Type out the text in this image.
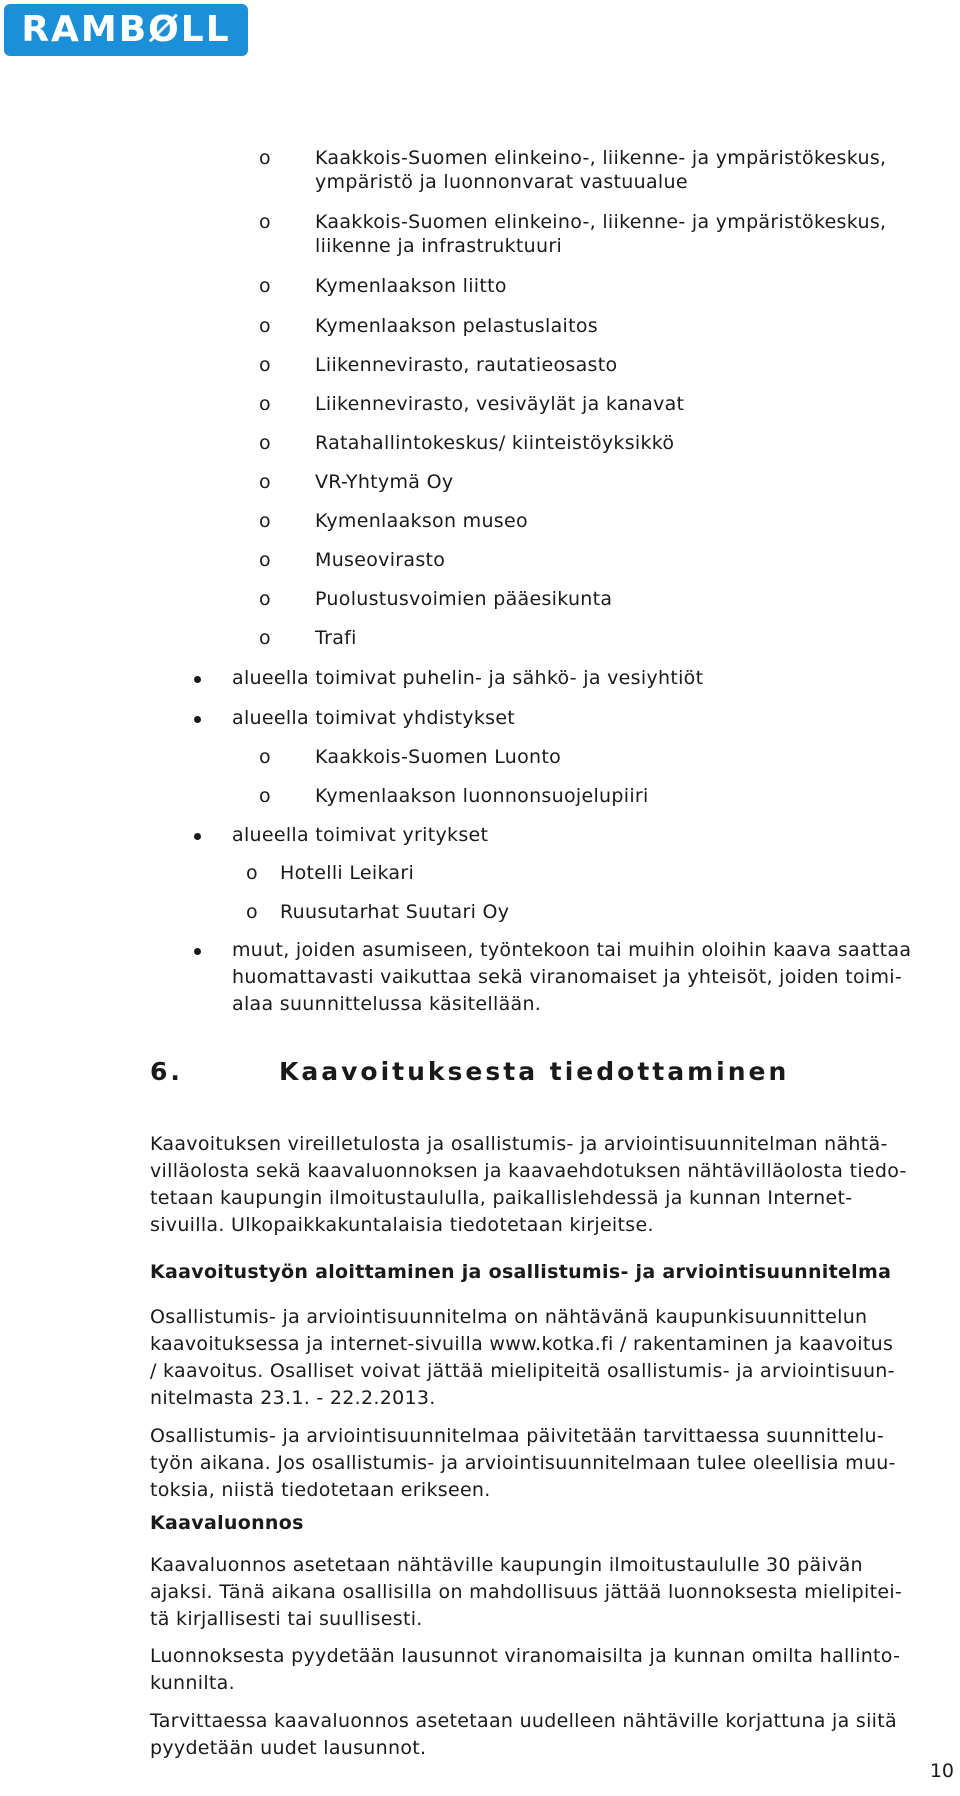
RAMBØLL
o Kaakkois-Suomen elinkeino-, liikenne- ja ympäristökeskus,
ympäristö ja luonnonvarat vastuualue
o Kaakkois-Suomen elinkeino-, liikenne- ja ympäristökeskus,
liikenne ja infrastruktuuri
o Kymenlaakson liitto
o Kymenlaakson pelastuslaitos
o Liikennevirasto, rautatieosasto
o Liikennevirasto, vesiväylät ja kanavat
o Ratahallintokeskus/ kiinteistöyksikkö
o VR-Yhtymä Oy
o Kymenlaakson museo
o Museovirasto
o Puolustusvoimien pääesikunta
o Trafi
alueella toimivat puhelin- ja sähkö- ja vesiyhtiöt
alueella toimivat yhdistykset
o Kaakkois-Suomen Luonto
o Kymenlaakson luonnonsuojelupiiri
alueella toimivat yritykset
o Hotelli Leikari
o Ruusutarhat Suutari Oy
muut, joiden asumiseen, työntekoon tai muihin oloihin kaava saattaa
huomattavasti vaikuttaa sekä viranomaiset ja yhteisöt, joiden toimi-
alaa suunnittelussa käsitellään.
6.	Kaavoituksesta tiedottaminen
Kaavoituksen vireilletulosta ja osallistumis- ja arviointisuunnitelman nähtä-
villäolosta sekä kaavaluonnoksen ja kaavaehdotuksen nähtävilläolosta tiedo-
tetaan kaupungin ilmoitustaululla, paikallislehdessä ja kunnan Internet-
sivuilla. Ulkopaikkakuntalaisia tiedotetaan kirjeitse.
Kaavoitustyön aloittaminen ja osallistumis- ja arviointisuunnitelma
Osallistumis- ja arviointisuunnitelma on nähtävänä kaupunkisuunnittelun
kaavoituksessa ja internet-sivuilla www.kotka.fi / rakentaminen ja kaavoitus
/ kaavoitus. Osalliset voivat jättää mielipiteitä osallistumis- ja arviointisuun-
nitelmasta 23.1. - 22.2.2013.
Osallistumis- ja arviointisuunnitelmaa päivitetään tarvittaessa suunnittelu-
työn aikana. Jos osallistumis- ja arviointisuunnitelmaan tulee oleellisia muu-
toksia, niistä tiedotetaan erikseen.
Kaavaluonnos
Kaavaluonnos asetetaan nähtäville kaupungin ilmoitustaululle 30 päivän
ajaksi. Tänä aikana osallisilla on mahdollisuus jättää luonnoksesta mielipitei-
tä kirjallisesti tai suullisesti.
Luonnoksesta pyydetään lausunnot viranomaisilta ja kunnan omilta hallinto-
kunnilta.
Tarvittaessa kaavaluonnos asetetaan uudelleen nähtäville korjattuna ja siitä
pyydetään uudet lausunnot.
10
